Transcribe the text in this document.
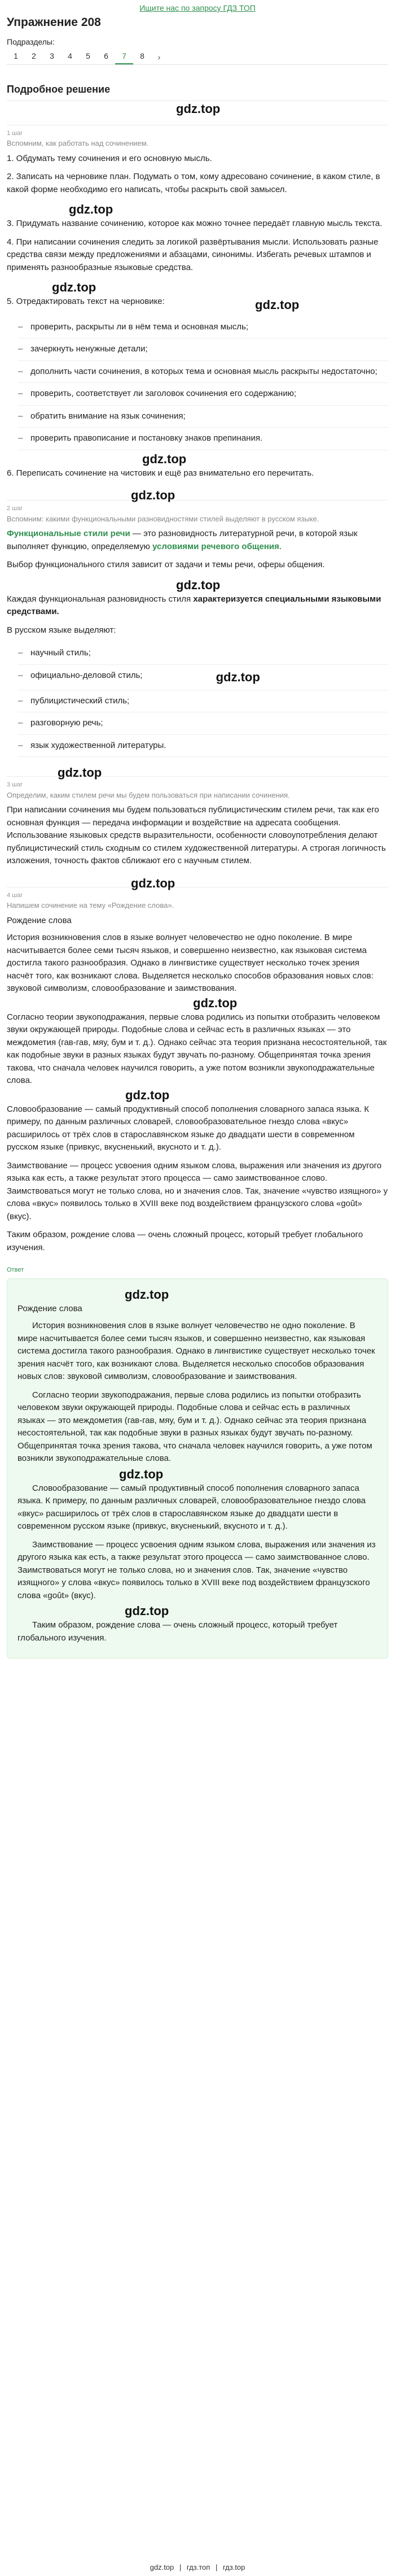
Ищите нас по запросу ГДЗ ТОП
Упражнение 208
Подразделы:
1	2	3	4	5	6	7	8	›
Подробное решение
gdz.top
1 шаг
Вспомним, как работать над сочинением.

1. Обдумать тему сочинения и его основную мысль.

2. Записать на черновике план. Подумать о том, кому адресовано сочинение, в каком стиле, в какой форме необходимо его написать, чтобы раскрыть свой замысел.

gdz.top

3. Придумать название сочинению, которое как можно точнее передаёт главную мысль текста.

4. При написании сочинения следить за логикой развёртывания мысли. Использовать разные средства связи между предложениями и абзацами, синонимы. Избегать речевых штампов и применять разнообразные языковые средства.

gdz.top

5. Отредактировать текст на черновике:	gdz.top
– проверить, раскрыты ли в нём тема и основная мысль;
– зачеркнуть ненужные детали;
– дополнить части сочинения, в которых тема и основная мысль раскрыты недостаточно;
– проверить, соответствует ли заголовок сочинения его содержанию;
– обратить внимание на язык сочинения;
– проверить правописание и постановку знаков препинания.
gdz.top

6. Переписать сочинение на чистовик и ещё раз внимательно его перечитать.

gdz.top
2 шаг
Вспомним: какими функциональными разновидностями стилей выделяют в русском языке.

Функциональные стили речи — это разновидность литературной речи, в которой язык выполняет функцию, определяемую условиями речевого общения.

Выбор функционального стиля зависит от задачи и темы речи, оферы общения.

gdz.top

Каждая функциональная разновидность стиля характеризуется специальными языковыми средствами.

В русском языке выделяют:

– научный стиль;
– официально-деловой стиль;	gdz.top
– публицистический стиль;
– разговорную речь;
– язык художественной литературы.
gdz.top
3 шаг
Определим, каким стилем речи мы будем пользоваться при написании сочинения.

При написании сочинения мы будем пользоваться публицистическим стилем речи, так как его основная функция — передача информации и воздействие на адресата сообщения. Использование языковых средств выразительности, особенности словоупотребления делают публицистический стиль сходным со стилем художественной литературы. А строгая логичность изложения, точность фактов сближают его с научным стилем.

gdz.top
4 шаг
Напишем сочинение на тему «Рождение слова».
Рождение слова

История возникновения слов в языке волнует человечество не одно поколение. В мире насчитывается более семи тысяч языков, и совершенно неизвестно, как языковая система достигла такого разнообразия. Однако в лингвистике существует несколько точек зрения насчёт того, как возникают слова. Выделяется несколько способов образования новых слов: звуковой символизм, словообразование и заимствования.

gdz.top

Согласно теории звукоподражания, первые слова родились из попытки отобразить человеком звуки окружающей природы. Подобные слова и сейчас есть в различных языках — это междометия (гав-гав, мяу, бум и т. д.). Однако сейчас эта теория признана несостоятельной, так как подобные звуки в разных языках будут звучать по-разному. Общепринятая точка зрения такова, что сначала человек научился говорить, а уже потом возникли звукоподражательные слова.

gdz.top

Словообразование — самый продуктивный способ пополнения словарного запаса языка. К примеру, по данным различных словарей, словообразовательное гнездо слова «вкус» расширилось от трёх слов в старославянском языке до двадцати шести в современном русском языке (привкус, вкусненький, вкусното и т. д.).

Заимствование — процесс усвоения одним языком слова, выражения или значения из другого языка как есть, а также результат этого процесса — само заимствованное слово. Заимствоваться могут не только слова, но и значения слов. Так, значение «чувство изящного» у слова «вкус» появилось только в XVIII веке под воздействием французского слова «goût» (вкус).

Таким образом, рождение слова — очень сложный процесс, который требует глобального изучения.

Ответ
gdz.top
Рождение слова

История возникновения слов в языке волнует человечество не одно поколение. В мире насчитывается более семи тысяч языков, и совершенно неизвестно, как языковая система достигла такого разнообразия. Однако в лингвистике существует несколько точек зрения насчёт того, как возникают слова. Выделяется несколько способов образования новых слов: звуковой символизм, словообразование и заимствования.

Согласно теории звукоподражания, первые слова родились из попытки отобразить человеком звуки окружающей природы. Подобные слова и сейчас есть в различных языках — это междометия (гав-гав, мяу, бум и т. д.). Однако сейчас эта теория признана несостоятельной, так как подобные звуки в разных языках будут звучать по-разному. Общепринятая точка зрения такова, что сначала человек научился говорить, а уже потом возникли звукоподражательные слова.

gdz.top

Словообразование — самый продуктивный способ пополнения словарного запаса языка. К примеру, по данным различных словарей, словообразовательное гнездо слова «вкус» расширилось от трёх слов в старославянском языке до двадцати шести в современном русском языке (привкус, вкусненький, вкусното и т. д.).

Заимствование — процесс усвоения одним языком слова, выражения или значения из другого языка как есть, а также результат этого процесса — само заимствованное слово. Заимствоваться могут не только слова, но и значения слов. Так, значение «чувство изящного» у слова «вкус» появилось только в XVIII веке под воздействием французского слова «goût» (вкус).

gdz.top

Таким образом, рождение слова — очень сложный процесс, который требует глобального изучения.

gdz.top | гдз.топ | гдз.top
